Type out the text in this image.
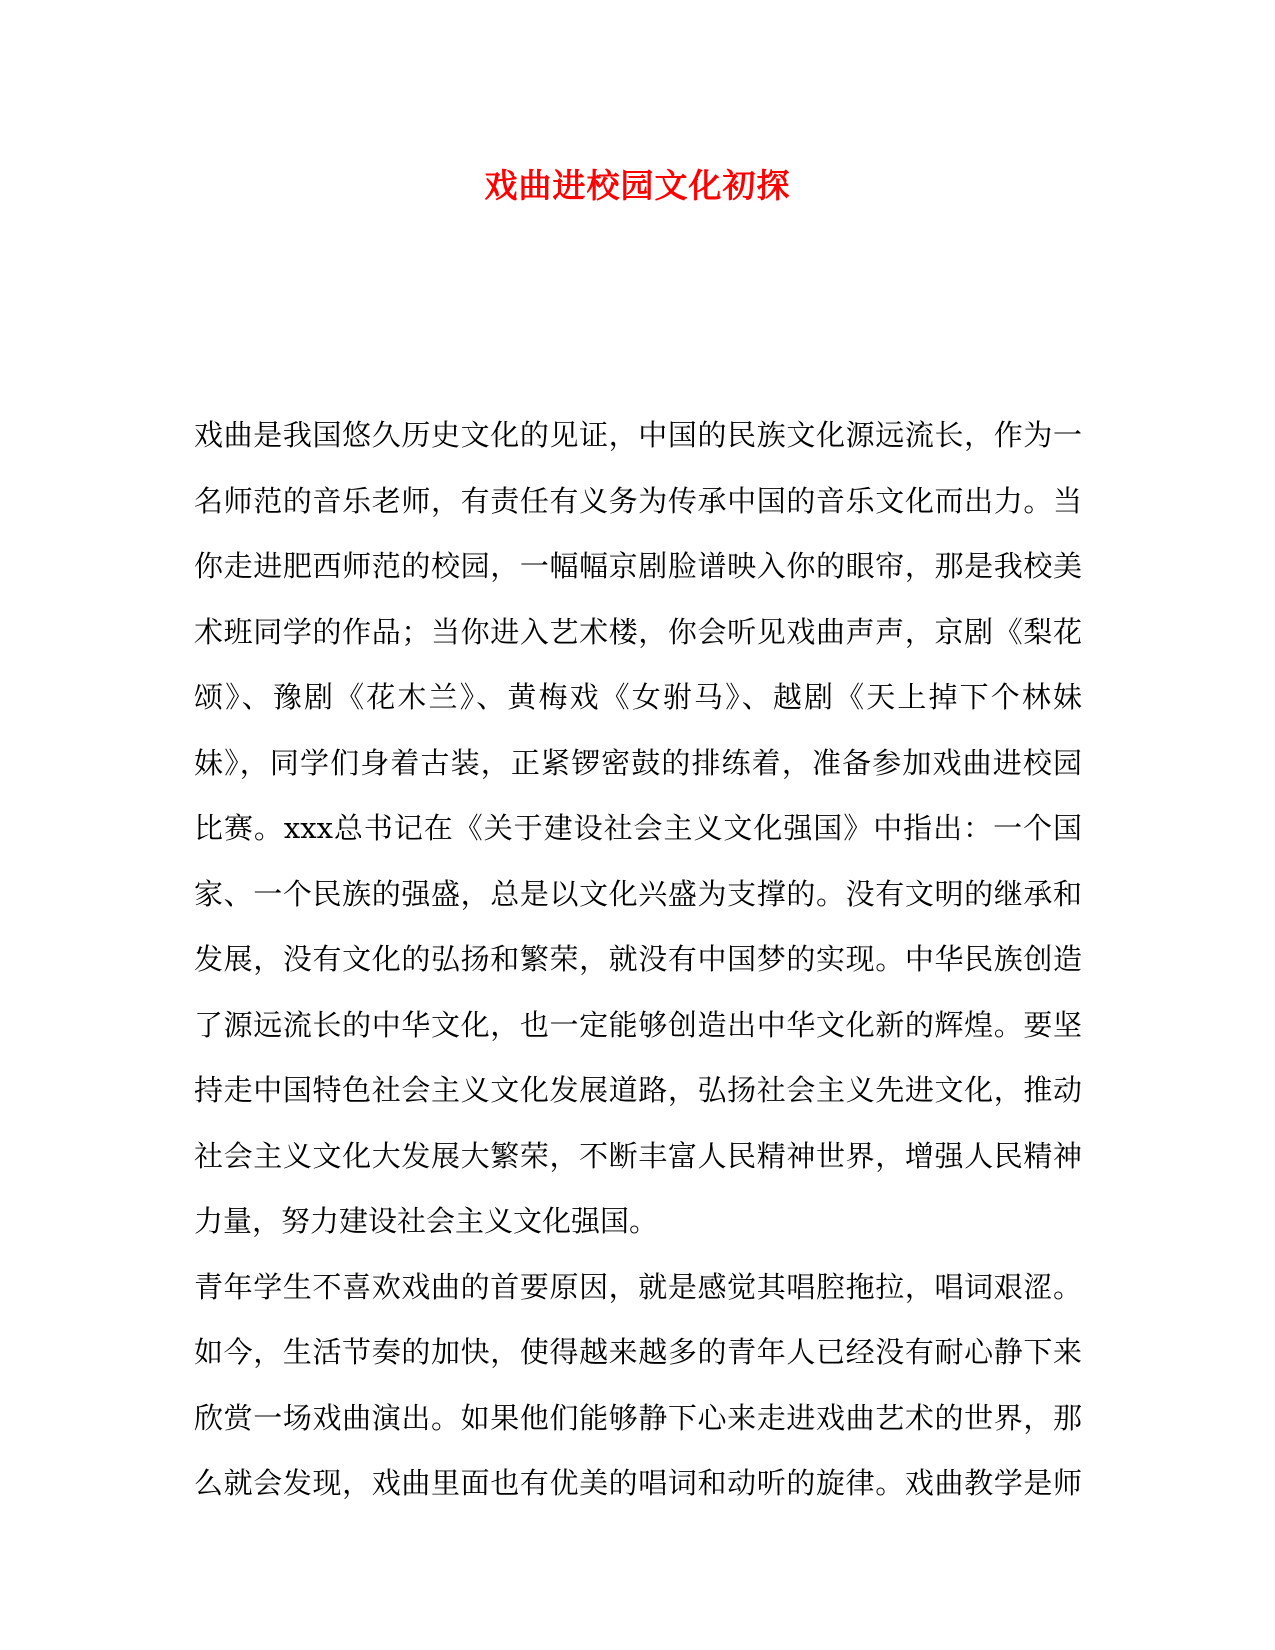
戏曲进校园文化初探
戏曲是我国悠久历史文化的见证，中国的民族文化源远流长，作为一
名师范的音乐老师，有责任有义务为传承中国的音乐文化而出力。当
你走进肥西师范的校园，一幅幅京剧脸谱映入你的眼帘，那是我校美
术班同学的作品；当你进入艺术楼，你会听见戏曲声声，京剧《梨花
颂》、豫剧《花木兰》、黄梅戏《女驸马》、越剧《天上掉下个林妹
妹》，同学们身着古装，正紧锣密鼓的排练着，准备参加戏曲进校园
比赛。xxx总书记在《关于建设社会主义文化强国》中指出：一个国
家、一个民族的强盛，总是以文化兴盛为支撑的。没有文明的继承和
发展，没有文化的弘扬和繁荣，就没有中国梦的实现。中华民族创造
了源远流长的中华文化，也一定能够创造出中华文化新的辉煌。要坚
持走中国特色社会主义文化发展道路，弘扬社会主义先进文化，推动
社会主义文化大发展大繁荣，不断丰富人民精神世界，增强人民精神
力量，努力建设社会主义文化强国。
青年学生不喜欢戏曲的首要原因，就是感觉其唱腔拖拉，唱词艰涩。
如今，生活节奏的加快，使得越来越多的青年人已经没有耐心静下来
欣赏一场戏曲演出。如果他们能够静下心来走进戏曲艺术的世界，那
么就会发现，戏曲里面也有优美的唱词和动听的旋律。戏曲教学是师
